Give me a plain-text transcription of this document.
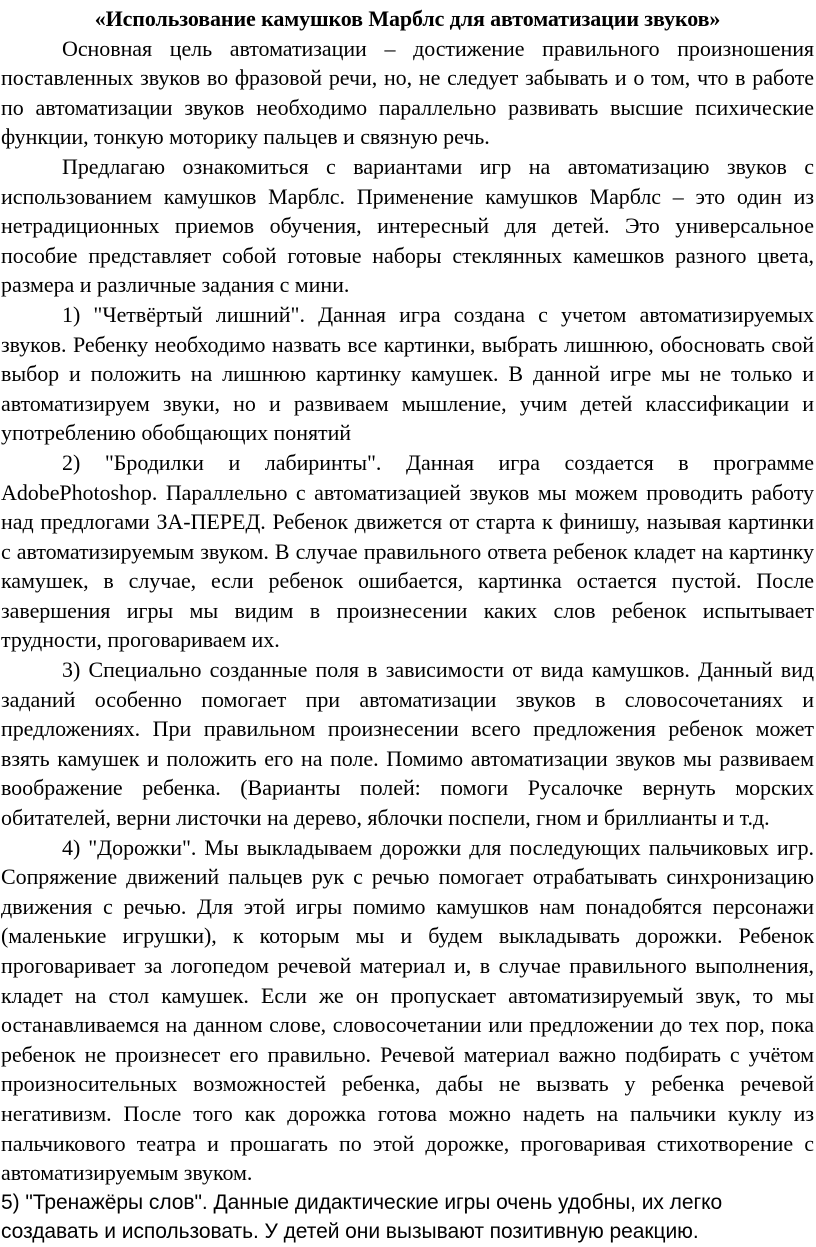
«Использование камушков Марблс для автоматизации звуков»

Основная цель автоматизации – достижение правильного произношения поставленных звуков во фразовой речи, но, не следует забывать и о том, что в работе по автоматизации звуков необходимо параллельно развивать высшие психические функции, тонкую моторику пальцев и связную речь.

Предлагаю ознакомиться с вариантами игр на автоматизацию звуков с использованием камушков Марблс. Применение камушков Марблс – это один из нетрадиционных приемов обучения, интересный для детей. Это универсальное пособие представляет собой готовые наборы стеклянных камешков разного цвета, размера и различные задания с мини.

1) "Четвёртый лишний". Данная игра создана с учетом автоматизируемых звуков. Ребенку необходимо назвать все картинки, выбрать лишнюю, обосновать свой выбор и положить на лишнюю картинку камушек. В данной игре мы не только и автоматизируем звуки, но и развиваем мышление, учим детей классификации и употреблению обобщающих понятий

2) "Бродилки и лабиринты". Данная игра создается в программе AdobePhotoshop. Параллельно с автоматизацией звуков мы можем проводить работу над предлогами ЗА-ПЕРЕД. Ребенок движется от старта к финишу, называя картинки с автоматизируемым звуком. В случае правильного ответа ребенок кладет на картинку камушек, в случае, если ребенок ошибается, картинка остается пустой. После завершения игры мы видим в произнесении каких слов ребенок испытывает трудности, проговариваем их.

3) Специально созданные поля в зависимости от вида камушков. Данный вид заданий особенно помогает при автоматизации звуков в словосочетаниях и предложениях. При правильном произнесении всего предложения ребенок может взять камушек и положить его на поле. Помимо автоматизации звуков мы развиваем воображение ребенка. (Варианты полей: помоги Русалочке вернуть морских обитателей, верни листочки на дерево, яблочки поспели, гном и бриллианты и т.д.

4) "Дорожки". Мы выкладываем дорожки для последующих пальчиковых игр. Сопряжение движений пальцев рук с речью помогает отрабатывать синхронизацию движения с речью. Для этой игры помимо камушков нам понадобятся персонажи (маленькие игрушки), к которым мы и будем выкладывать дорожки. Ребенок проговаривает за логопедом речевой материал и, в случае правильного выполнения, кладет на стол камушек. Если же он пропускает автоматизируемый звук, то мы останавливаемся на данном слове, словосочетании или предложении до тех пор, пока ребенок не произнесет его правильно. Речевой материал важно подбирать с учётом произносительных возможностей ребенка, дабы не вызвать у ребенка речевой негативизм. После того как дорожка готова можно надеть на пальчики куклу из пальчикового театра и прошагать по этой дорожке, проговаривая стихотворение с автоматизируемым звуком.

5) "Тренажёры слов". Данные дидактические игры очень удобны, их легко создавать и использовать. У детей они вызывают позитивную реакцию.
